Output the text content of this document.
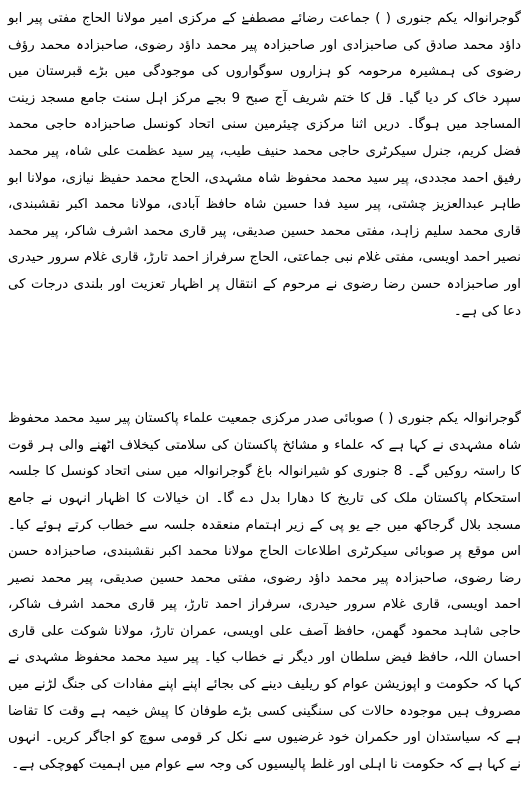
گوجرانوالہ یکم جنوری ( ) جماعت رضائے مصطفےٰ کے مرکزی امیر مولانا الحاج مفتی پیر ابو داؤد محمد صادق کی صاحبزادی اور صاحبزادہ پیر محمد داؤد رضوی، صاحبزادہ محمد رؤف رضوی کی ہمشیرہ مرحومہ کو ہزاروں سوگواروں کی موجودگی میں بڑے قبرستان میں سپرد خاک کر دیا گیا۔ قل کا ختم شریف آج صبح 9 بجے مرکز اہل سنت جامع مسجد زینت المساجد میں ہوگا۔ دریں اثنا مرکزی چیئرمین سنی اتحاد کونسل صاحبزادہ حاجی محمد فضل کریم، جنرل سیکرٹری حاجی محمد حنیف طیب، پیر سید عظمت علی شاہ، پیر محمد رفیق احمد مجددی، پیر سید محمد محفوظ شاہ مشہدی، الحاج محمد حفیظ نیازی، مولانا ابو طاہر عبدالعزیز چشتی، پیر سید فدا حسین شاہ حافظ آبادی، مولانا محمد اکبر نقشبندی، قاری محمد سلیم زاہد، مفتی محمد حسین صدیقی، پیر قاری محمد اشرف شاکر، پیر محمد نصیر احمد اویسی، مفتی غلام نبی جماعتی، الحاج سرفراز احمد تارڑ، قاری غلام سرور حیدری اور صاحبزادہ حسن رضا رضوی نے مرحوم کے انتقال پر اظہار تعزیت اور بلندی درجات کی دعا کی ہے۔

گوجرانوالہ یکم جنوری ( ) صوبائی صدر مرکزی جمعیت علماء پاکستان پیر سید محمد محفوظ شاہ مشہدی نے کہا ہے کہ علماء و مشائخ پاکستان کی سلامتی کیخلاف اٹھنے والی ہر قوت کا راستہ روکیں گے۔ 8 جنوری کو شیرانوالہ باغ گوجرانوالہ میں سنی اتحاد کونسل کا جلسہ استحکام پاکستان ملک کی تاریخ کا دھارا بدل دے گا۔ ان خیالات کا اظہار انہوں نے جامع مسجد بلال گرجاکھ میں جے یو پی کے زیر اہتمام منعقدہ جلسہ سے خطاب کرتے ہوئے کیا۔ اس موقع پر صوبائی سیکرٹری اطلاعات الحاج مولانا محمد اکبر نقشبندی، صاحبزادہ حسن رضا رضوی، صاحبزادہ پیر محمد داؤد رضوی، مفتی محمد حسین صدیقی، پیر محمد نصیر احمد اویسی، قاری غلام سرور حیدری، سرفراز احمد تارڑ، پیر قاری محمد اشرف شاکر، حاجی شاہد محمود گھمن، حافظ آصف علی اویسی، عمران تارڑ، مولانا شوکت علی قاری احسان اللہ، حافظ فیض سلطان اور دیگر نے خطاب کیا۔ پیر سید محمد محفوظ مشہدی نے کہا کہ حکومت و اپوزیشن عوام کو ریلیف دینے کی بجائے اپنے اپنے مفادات کی جنگ لڑنے میں مصروف ہیں موجودہ حالات کی سنگینی کسی بڑے طوفان کا پیش خیمہ ہے وقت کا تقاضا ہے کہ سیاستدان اور حکمران خود غرضیوں سے نکل کر قومی سوچ کو اجاگر کریں۔ انہوں نے کہا ہے کہ حکومت نا اہلی اور غلط پالیسیوں کی وجہ سے عوام میں اہمیت کھوچکی ہے۔
